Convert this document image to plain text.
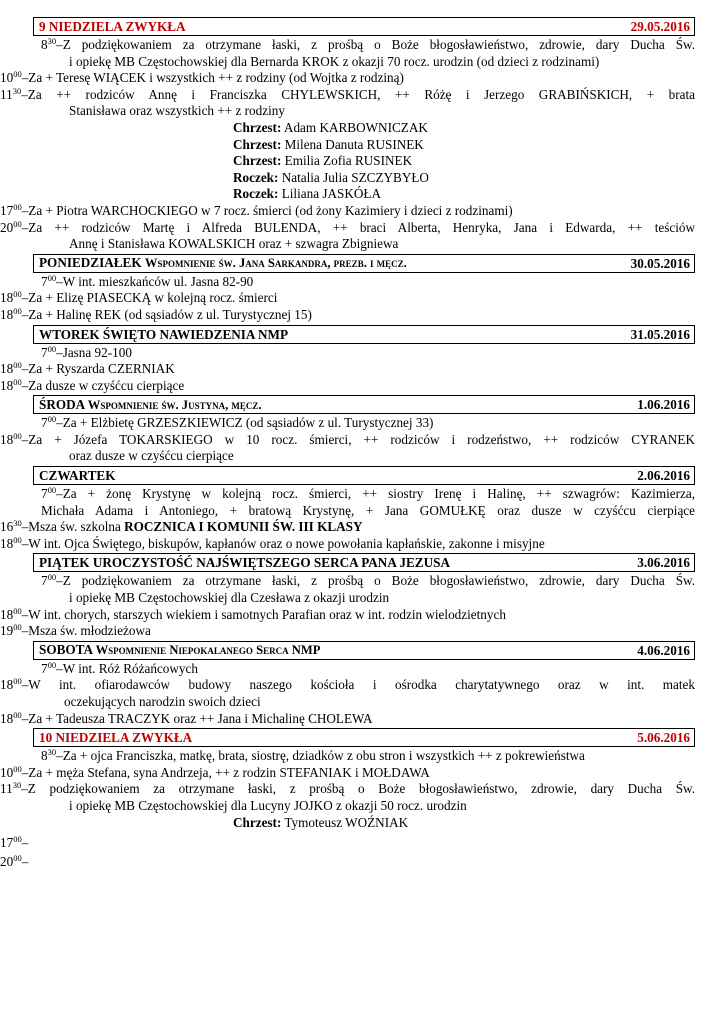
9 NIEDZIELA ZWYKŁA	29.05.2016
$8^{30}$ –Z podziękowaniem za otrzymane łaski, z prośbą o Boże błogosławieństwo, zdrowie, dary Ducha Św.
i opiekę MB Częstochowskiej dla Bernarda KROK z okazji 70 rocz. urodzin (od dzieci z rodzinami)
$10^{00}$ –Za + Teresę WIĄCEK i wszystkich ++ z rodziny (od Wojtka z rodziną)
$11^{30}$ –Za ++ rodziców Annę i Franciszka CHYLEWSKICH, ++ Różę i Jerzego GRABIŃSKICH, + brata
Stanisława oraz wszystkich ++ z rodziny
Chrzest: Adam KARBOWNICZAK
Chrzest: Milena Danuta RUSINEK
Chrzest: Emilia Zofia RUSINEK
Roczek: Natalia Julia SZCZYBYŁO
Roczek: Liliana JASKÓŁA
$17^{00}$ –Za + Piotra WARCHOCKIEGO w 7 rocz. śmierci (od żony Kazimiery i dzieci z rodzinami)
$20^{00}$ –Za ++ rodziców Martę i Alfreda BULENDA, ++ braci Alberta, Henryka, Jana i Edwarda, ++ teściów
Annę i Stanisława KOWALSKICH oraz + szwagra Zbigniewa
PONIEDZIAŁEK Wspomnienie św. Jana Sarkandra, prezb. i męcz.	30.05.2016
$7^{00}$ –W int. mieszkańców ul. Jasna 82-90
$18^{00}$ –Za + Elizę PIASECKĄ w kolejną rocz. śmierci
$18^{00}$ –Za + Halinę REK (od sąsiadów z ul. Turystycznej 15)
WTOREK ŚWIĘTO NAWIEDZENIA NMP	31.05.2016
$7^{00}$ –Jasna 92-100
$18^{00}$ –Za + Ryszarda CZERNIAK
$18^{00}$ –Za dusze w czyśćcu cierpiące
ŚRODA Wspomnienie św. Justyna, męcz.	1.06.2016
$7^{00}$ –Za + Elżbietę GRZESZKIEWICZ (od sąsiadów z ul. Turystycznej 33)
$18^{00}$ –Za + Józefa TOKARSKIEGO w 10 rocz. śmierci, ++ rodziców i rodzeństwo, ++ rodziców CYRANEK
oraz dusze w czyśćcu cierpiące
CZWARTEK	2.06.2016
$7^{00}$ –Za + żonę Krystynę w kolejną rocz. śmierci, ++ siostry Irenę i Halinę, ++ szwagrów: Kazimierza,
Michała Adama i Antoniego, + bratową Krystynę, + Jana GOMUŁKĘ oraz dusze w czyśćcu cierpiące
$16^{30}$ –Msza św. szkolna ROCZNICA I KOMUNII ŚW. III KLASY
$18^{00}$ –W int. Ojca Świętego, biskupów, kapłanów oraz o nowe powołania kapłańskie, zakonne i misyjne
PIĄTEK UROCZYSTOŚĆ NAJŚWIĘTSZEGO SERCA PANA JEZUSA	3.06.2016
$7^{00}$ –Z podziękowaniem za otrzymane łaski, z prośbą o Boże błogosławieństwo, zdrowie, dary Ducha Św.
i opiekę MB Częstochowskiej dla Czesława z okazji urodzin
$18^{00}$ –W int. chorych, starszych wiekiem i samotnych Parafian oraz w int. rodzin wielodzietnych
$19^{00}$ –Msza św. młodzieżowa
SOBOTA Wspomnienie Niepokalanego Serca NMP	4.06.2016
$7^{00}$ –W int. Róż Różańcowych
$18^{00}$ –W int. ofiarodawców budowy naszego kościoła i ośrodka charytatywnego oraz w int. matek
oczekujących narodzin swoich dzieci
$18^{00}$ –Za + Tadeusza TRACZYK oraz ++ Jana i Michalinę CHOLEWA
10 NIEDZIELA ZWYKŁA	5.06.2016
$8^{30}$ –Za + ojca Franciszka, matkę, brata, siostrę, dziadków z obu stron i wszystkich ++ z pokrewieństwa
$10^{00}$ –Za + męża Stefana, syna Andrzeja, ++ z rodzin STEFANIAK i MOŁDAWA
$11^{30}$ –Z podziękowaniem za otrzymane łaski, z prośbą o Boże błogosławieństwo, zdrowie, dary Ducha Św.
i opiekę MB Częstochowskiej dla Lucyny JOJKO z okazji 50 rocz. urodzin
Chrzest: Tymoteusz WOŹNIAK
$17^{00}$ –
$20^{00}$ –
